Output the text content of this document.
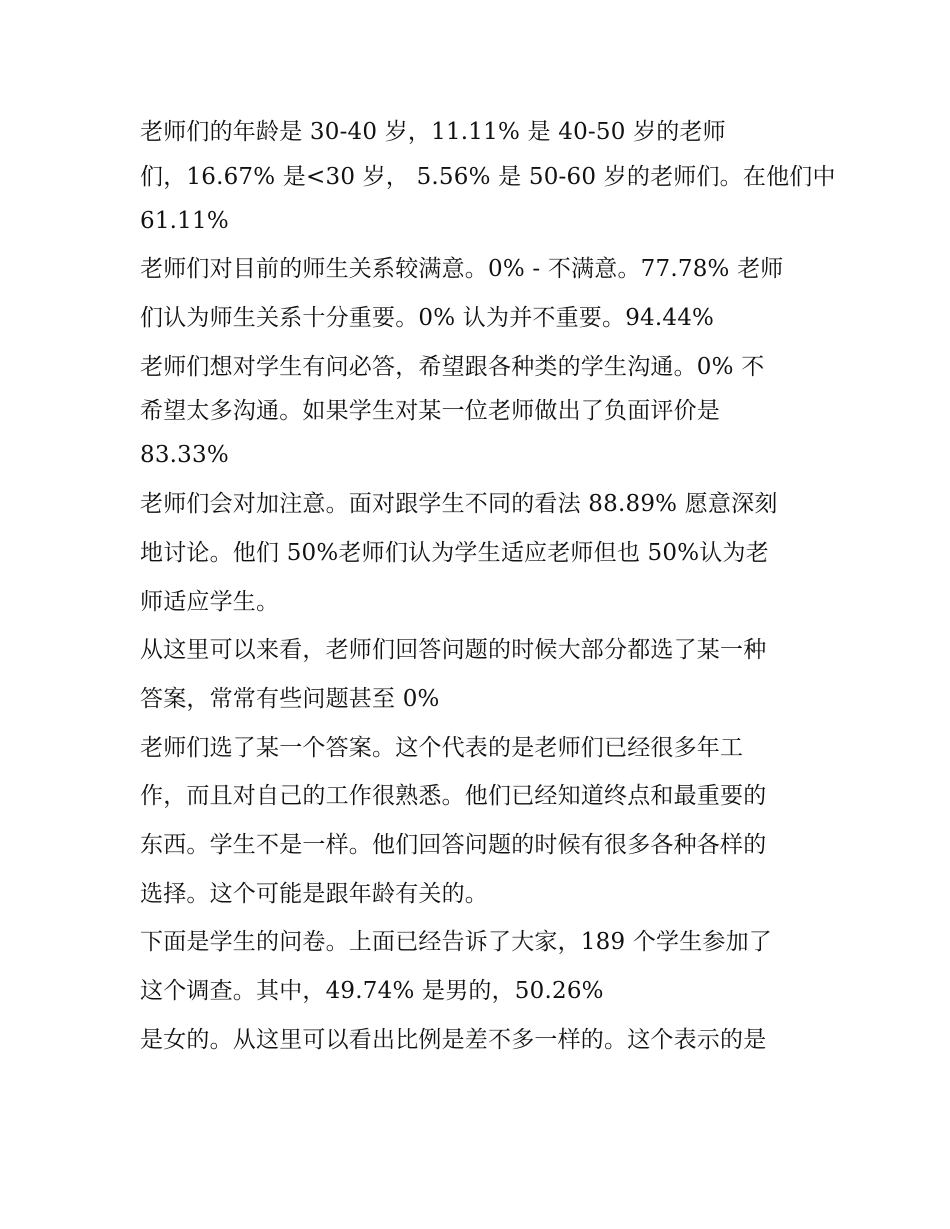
老师们的年龄是 30-40 岁，11.11% 是 40-50 岁的老师
们，16.67% 是<30 岁， 5.56% 是 50-60 岁的老师们。在他们中
61.11%
老师们对目前的师生关系较满意。0% - 不满意。77.78% 老师
们认为师生关系十分重要。0% 认为并不重要。94.44%
老师们想对学生有问必答，希望跟各种类的学生沟通。0% 不
希望太多沟通。如果学生对某一位老师做出了负面评价是
83.33%
老师们会对加注意。面对跟学生不同的看法 88.89% 愿意深刻
地讨论。他们 50%老师们认为学生适应老师但也 50%认为老
师适应学生。
从这里可以来看，老师们回答问题的时候大部分都选了某一种
答案，常常有些问题甚至 0%
老师们选了某一个答案。这个代表的是老师们已经很多年工
作，而且对自己的工作很熟悉。他们已经知道终点和最重要的
东西。学生不是一样。他们回答问题的时候有很多各种各样的
选择。这个可能是跟年龄有关的。
下面是学生的问卷。上面已经告诉了大家，189 个学生参加了
这个调查。其中，49.74% 是男的，50.26%
是女的。从这里可以看出比例是差不多一样的。这个表示的是
